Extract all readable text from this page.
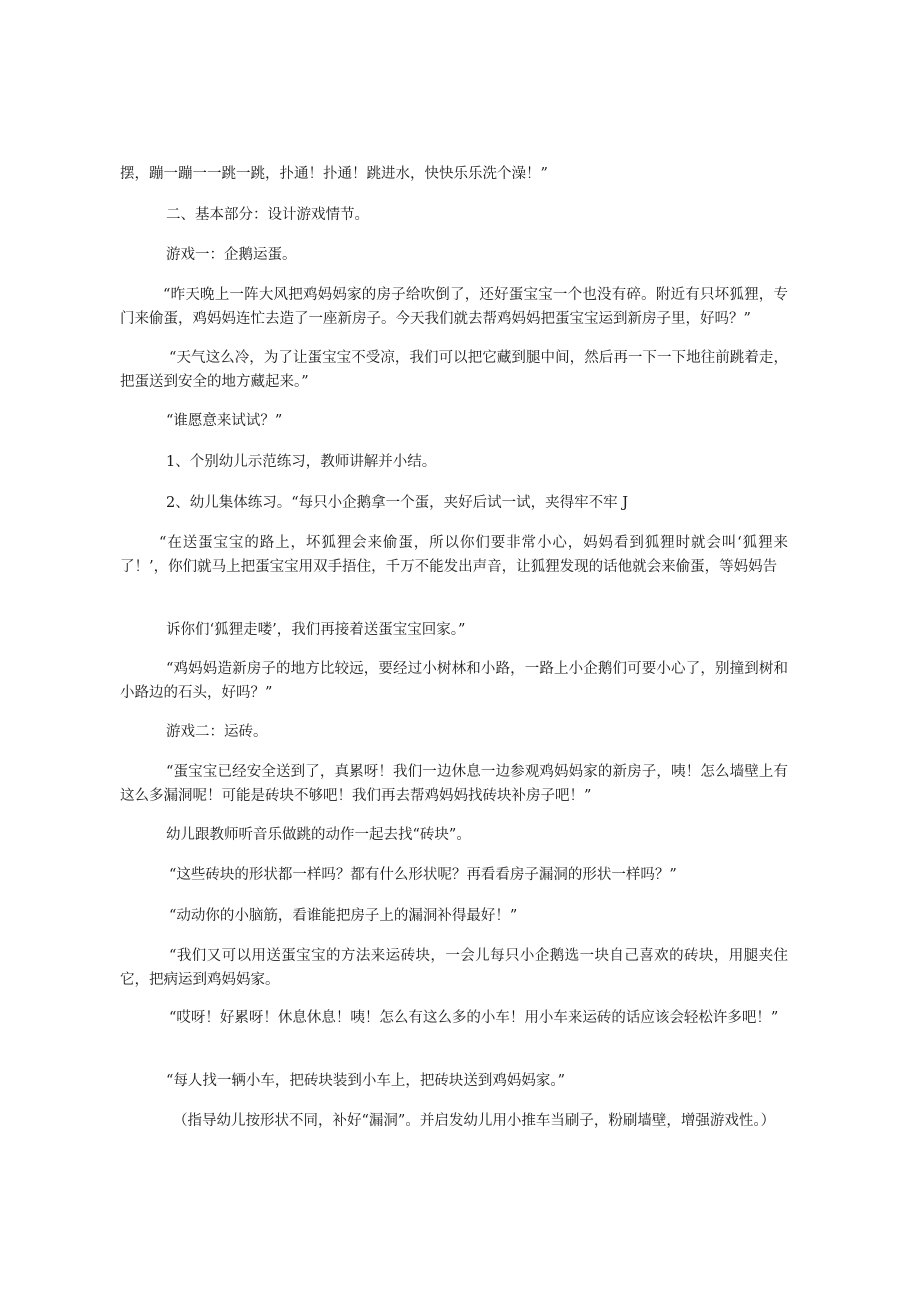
摆，蹦一蹦一一跳一跳，扑通！扑通！跳进水，快快乐乐洗个澡！”

二、基本部分：设计游戏情节。

游戏一：企鹅运蛋。

“昨天晚上一阵大风把鸡妈妈家的房子给吹倒了，还好蛋宝宝一个也没有碎。附近有只坏狐狸，专门来偷蛋，鸡妈妈连忙去造了一座新房子。今天我们就去帮鸡妈妈把蛋宝宝运到新房子里，好吗？”

“天气这么冷，为了让蛋宝宝不受凉，我们可以把它藏到腿中间，然后再一下一下地往前跳着走，把蛋送到安全的地方藏起来。”

“谁愿意来试试？”

1、个别幼儿示范练习，教师讲解并小结。

2、幼儿集体练习。“每只小企鹅拿一个蛋，夹好后试一试，夹得牢不牢 J

“在送蛋宝宝的路上，坏狐狸会来偷蛋，所以你们要非常小心，妈妈看到狐狸时就会叫‘狐狸来了！’，你们就马上把蛋宝宝用双手捂住，千万不能发出声音，让狐狸发现的话他就会来偷蛋，等妈妈告

诉你们‘狐狸走喽’，我们再接着送蛋宝宝回家。”

“鸡妈妈造新房子的地方比较远，要经过小树林和小路，一路上小企鹅们可要小心了，别撞到树和小路边的石头，好吗？”

游戏二：运砖。

“蛋宝宝已经安全送到了，真累呀！我们一边休息一边参观鸡妈妈家的新房子，咦！怎么墙壁上有这么多漏洞呢！可能是砖块不够吧！我们再去帮鸡妈妈找砖块补房子吧！”

幼儿跟教师听音乐做跳的动作一起去找“砖块”。

“这些砖块的形状都一样吗？都有什么形状呢？再看看房子漏洞的形状一样吗？”

“动动你的小脑筋，看谁能把房子上的漏洞补得最好！”

“我们又可以用送蛋宝宝的方法来运砖块，一会儿每只小企鹅选一块自己喜欢的砖块，用腿夹住它，把病运到鸡妈妈家。

“哎呀！好累呀！休息休息！咦！怎么有这么多的小车！用小车来运砖的话应该会轻松许多吧！”

“每人找一辆小车，把砖块装到小车上，把砖块送到鸡妈妈家。”

（指导幼儿按形状不同，补好“漏洞”。并启发幼儿用小推车当刷子，粉刷墙壁，增强游戏性。）
